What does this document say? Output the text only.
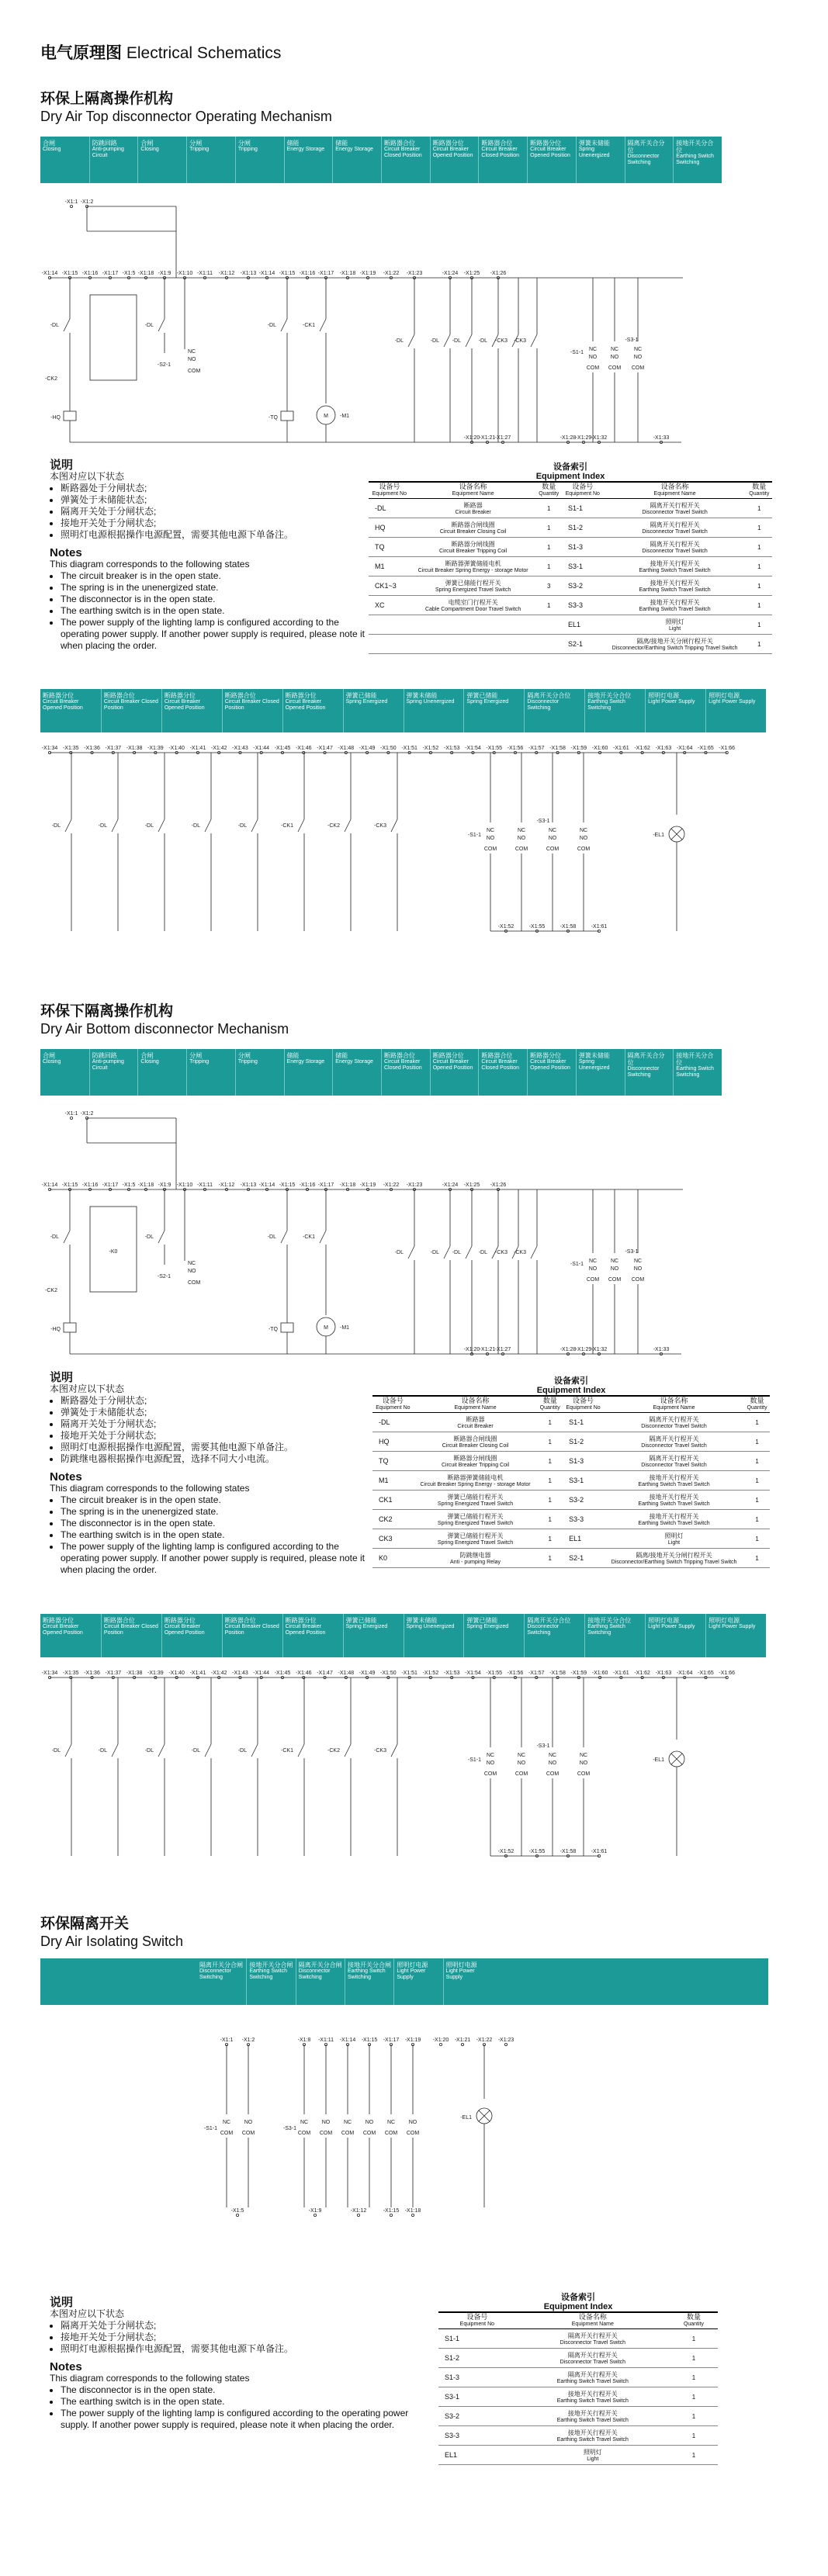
电气原理图 Electrical Schematics
环保上隔离操作机构
Dry Air Top disconnector Operating Mechanism
合闸
Closing
防跳回路
Anti-pumping Circuit
合闸
Closing
分闸
Tripping
分闸
Tripping
储能
Energy Storage
储能
Energy Storage
断路器合位
Circuit Breaker Closed Position
断路器分位
Circuit Breaker Opened Position
断路器合位
Circuit Breaker Closed Position
断路器分位
Circuit Breaker Opened Position
弹簧未储能
Spring Unenergized
隔离开关合分位
Disconnector Switching
接地开关分合位
Earthing Switch Switching
-X1:1 -X1:2
-X1:14 -X1:15 -X1:16 -X1:17 -X1:5 -X1:18 -X1:9 -X1:10 -X1:11 -X1:12 -X1:13 -X1:14 -X1:15 -X1:16 -X1:17 -X1:18 -X1:19 -X1:22 -X1:23	-X1:24 -X1:25 -X1:26
-DL
-CK2
-HQ
-DL
NC
NO
COM
-S2-1
-DL
-TQ
-CK1
M -M1
-DL	-DL -DL	-DL -CK3 -CK3
NC
NO
COM
NC
NO
COM
NC
NO
COM
-S1-1
-S3-1
-X1:20 -X1:21 -X1:27	-X1:28 -X1:29 -X1:32	-X1:33
说明
本图对应以下状态
• 断路器处于分闸状态;
• 弹簧处于未储能状态;
• 隔离开关处于分闸状态;
• 接地开关处于分闸状态;
• 照明灯电源根据操作电源配置，需要其他电源下单备注。
Notes
This diagram corresponds to the following states
• The circuit breaker is in the open state.
• The spring is in the unenergized state.
• The disconnector is in the open state.
• The earthing switch is in the open state.
• The power supply of the lighting lamp is configured according to the operating power supply. If another power supply is required, please note it when placing the order.
设备索引
Equipment Index
设备号
Equipment No	设备名称
Equipment Name	数量
Quantity	设备号
Equipment No	设备名称
Equipment Name	数量
Quantity

-DL	断路器
Circuit Breaker	1	S1-1	隔离开关行程开关
Disconnector Travel Switch	1
HQ	断路器合闸线圈
Circuit Breaker Closing Coil	1	S1-2	隔离开关行程开关
Disconnector Travel Switch	1
TQ	断路器分闸线圈
Circuit Breaker Tripping Coil	1	S1-3	隔离开关行程开关
Disconnector Travel Switch	1
M1	断路器弹簧储能电机
Circuit Breaker Spring Energy - storage Motor	1	S3-1	接地开关行程开关
Earthing Switch Travel Switch	1
CK1~3	弹簧已储能行程开关
Spring Energized Travel Switch	3	S3-2	接地开关行程开关
Earthing Switch Travel Switch	1
XC	电缆室门行程开关
Cable Compartment Door Travel Switch	1	S3-3	接地开关行程开关
Earthing Switch Travel Switch	1
			EL1	照明灯
Light	1
			S2-1	隔离/接地开关分闸行程开关
Disconnector/Earthing Switch Tripping Travel Switch	1
断路器分位
Circuit Breaker Opened Position
断路器合位
Circuit Breaker Closed Position
断路器分位
Circuit Breaker Opened Position
断路器合位
Circuit Breaker Closed Position
断路器分位
Circuit Breaker Opened Position
弹簧已储能
Spring Energized
弹簧未储能
Spring Unenergized
弹簧已储能
Spring Energized
隔离开关分合位
Disconnector Switching
接地开关分合位
Earthing Switch Switching
照明灯电源
Light Power Supply
照明灯电源
Light Power Supply
-X1:34 -X1:35 -X1:36 -X1:37 -X1:38 -X1:39 -X1:40 -X1:41 -X1:42 -X1:43 -X1:44 -X1:45 -X1:46 -X1:47 -X1:48 -X1:49 -X1:50 -X1:51 -X1:52 -X1:53 -X1:54 -X1:55 -X1:56 -X1:57 -X1:58 -X1:59 -X1:60 -X1:61 -X1:62 -X1:63 -X1:64 -X1:65 -X1:66
-DL	-DL	-DL	-DL	-DL	-CK1	-CK2	-CK3
NC
NO
COM
NC
NO
COM
NC
NO
COM
NC
NO
COM
-S1-1
-S3-1
-EL1
-X1:52	-X1:55	-X1:58	-X1:61
环保下隔离操作机构
Dry Air Bottom disconnector Mechanism
合闸
Closing
防跳回路
Anti-pumping Circuit
合闸
Closing
分闸
Tripping
分闸
Tripping
储能
Energy Storage
储能
Energy Storage
断路器合位
Circuit Breaker Closed Position
断路器分位
Circuit Breaker Opened Position
断路器合位
Circuit Breaker Closed Position
断路器分位
Circuit Breaker Opened Position
弹簧未储能
Spring Unenergized
隔离开关合分位
Disconnector Switching
接地开关分合位
Earthing Switch Switching
-X1:1 -X1:2
-X1:14 -X1:15 -X1:16 -X1:17 -X1:5 -X1:18 -X1:9 -X1:10 -X1:11 -X1:12 -X1:13 -X1:14 -X1:15 -X1:16 -X1:17 -X1:18 -X1:19 -X1:22 -X1:23	-X1:24 -X1:25 -X1:26
-DL
-CK2
-HQ
-K0
-DL
NC
NO
COM
-S2-1
-DL
-TQ
-CK1
M -M1
-DL	-DL -DL	-DL -CK3 -CK3
NC
NO
COM
NC
NO
COM
NC
NO
COM
-S1-1
-S3-1
-X1:20 -X1:21 -X1:27	-X1:28 -X1:29 -X1:32	-X1:33
说明
本图对应以下状态
• 断路器处于分闸状态;
• 弹簧处于未储能状态;
• 隔离开关处于分闸状态;
• 接地开关处于分闸状态;
• 照明灯电源根据操作电源配置，需要其他电源下单备注。
• 防跳继电器根据操作电源配置，选择不同大小电流。
Notes
This diagram corresponds to the following states
• The circuit breaker is in the open state.
• The spring is in the unenergized state.
• The disconnector is in the open state.
• The earthing switch is in the open state.
• The power supply of the lighting lamp is configured according to the operating power supply. If another power supply is required, please note it when placing the order.
设备索引
Equipment Index
设备号
Equipment No	设备名称
Equipment Name	数量
Quantity	设备号
Equipment No	设备名称
Equipment Name	数量
Quantity

-DL	断路器
Circuit Breaker	1	S1-1	隔离开关行程开关
Disconnector Travel Switch	1
HQ	断路器合闸线圈
Circuit Breaker Closing Coil	1	S1-2	隔离开关行程开关
Disconnector Travel Switch	1
TQ	断路器分闸线圈
Circuit Breaker Tripping Coil	1	S1-3	隔离开关行程开关
Disconnector Travel Switch	1
M1	断路器弹簧储能电机
Circuit Breaker Spring Energy - storage Motor	1	S3-1	接地开关行程开关
Earthing Switch Travel Switch	1
CK1	弹簧已储能行程开关
Spring Energized Travel Switch	1	S3-2	接地开关行程开关
Earthing Switch Travel Switch	1
CK2	弹簧已储能行程开关
Spring Energized Travel Switch	1	S3-3	接地开关行程开关
Earthing Switch Travel Switch	1
CK3	弹簧已储能行程开关
Spring Energized Travel Switch	1	EL1	照明灯
Light	1
K0	防跳继电器
Anti - pumping Relay	1	S2-1	隔离/接地开关分闸行程开关
Disconnector/Earthing Switch Tripping Travel Switch	1
断路器分位
Circuit Breaker Opened Position
断路器合位
Circuit Breaker Closed Position
断路器分位
Circuit Breaker Opened Position
断路器合位
Circuit Breaker Closed Position
断路器分位
Circuit Breaker Opened Position
弹簧已储能
Spring Energized
弹簧未储能
Spring Unenergized
弹簧已储能
Spring Energized
隔离开关分合位
Disconnector Switching
接地开关分合位
Earthing Switch Switching
照明灯电源
Light Power Supply
照明灯电源
Light Power Supply
-X1:34 -X1:35 -X1:36 -X1:37 -X1:38 -X1:39 -X1:40 -X1:41 -X1:42 -X1:43 -X1:44 -X1:45 -X1:46 -X1:47 -X1:48 -X1:49 -X1:50 -X1:51 -X1:52 -X1:53 -X1:54 -X1:55 -X1:56 -X1:57 -X1:58 -X1:59 -X1:60 -X1:61 -X1:62 -X1:63 -X1:64 -X1:65 -X1:66
-DL	-DL	-DL	-DL	-DL	-CK1	-CK2	-CK3
NC
NO
COM
NC
NO
COM
NC
NO
COM
NC
NO
COM
-S1-1
-S3-1
-EL1
-X1:52	-X1:55	-X1:58	-X1:61
环保隔离开关
Dry Air Isolating Switch
隔离开关分合闸
Disconnector Switching
接地开关分合闸
Earthing Switch Switching
隔离开关分合闸
Disconnector Switching
接地开关分合闸
Earthing Switch Switching
照明灯电源
Light Power Supply
照明灯电源
Light Power Supply
-X1:1 -X1:2	-X1:8 -X1:11 -X1:14 -X1:15 -X1:17 -X1:19 -X1:20 -X1:21 -X1:22 -X1:23
NC
COM
NO
COM
NC
COM
NO
COM
NC
COM
NO
COM
NC
COM
NO
COM
-S1-1	-S3-1
-EL1
-X1:5	-X1:9	-X1:12	-X1:15 -X1:18
说明
本图对应以下状态
• 隔离开关处于分闸状态;
• 接地开关处于分闸状态;
• 照明灯电源根据操作电源配置，需要其他电源下单备注。
Notes
This diagram corresponds to the following states
• The disconnector is in the open state.
• The earthing switch is in the open state.
• The power supply of the lighting lamp is configured according to the operating power supply. If another power supply is required, please note it when placing the order.
设备索引
Equipment Index
设备号
Equipment No	设备名称
Equipment Name	数量
Quantity

S1-1	隔离开关行程开关
Disconnector Travel Switch	1
S1-2	隔离开关行程开关
Disconnector Travel Switch	1
S1-3	隔离开关行程开关
Earthing Switch Travel Switch	1
S3-1	接地开关行程开关
Earthing Switch Travel Switch	1
S3-2	接地开关行程开关
Earthing Switch Travel Switch	1
S3-3	接地开关行程开关
Earthing Switch Travel Switch	1
EL1	照明灯
Light	1
